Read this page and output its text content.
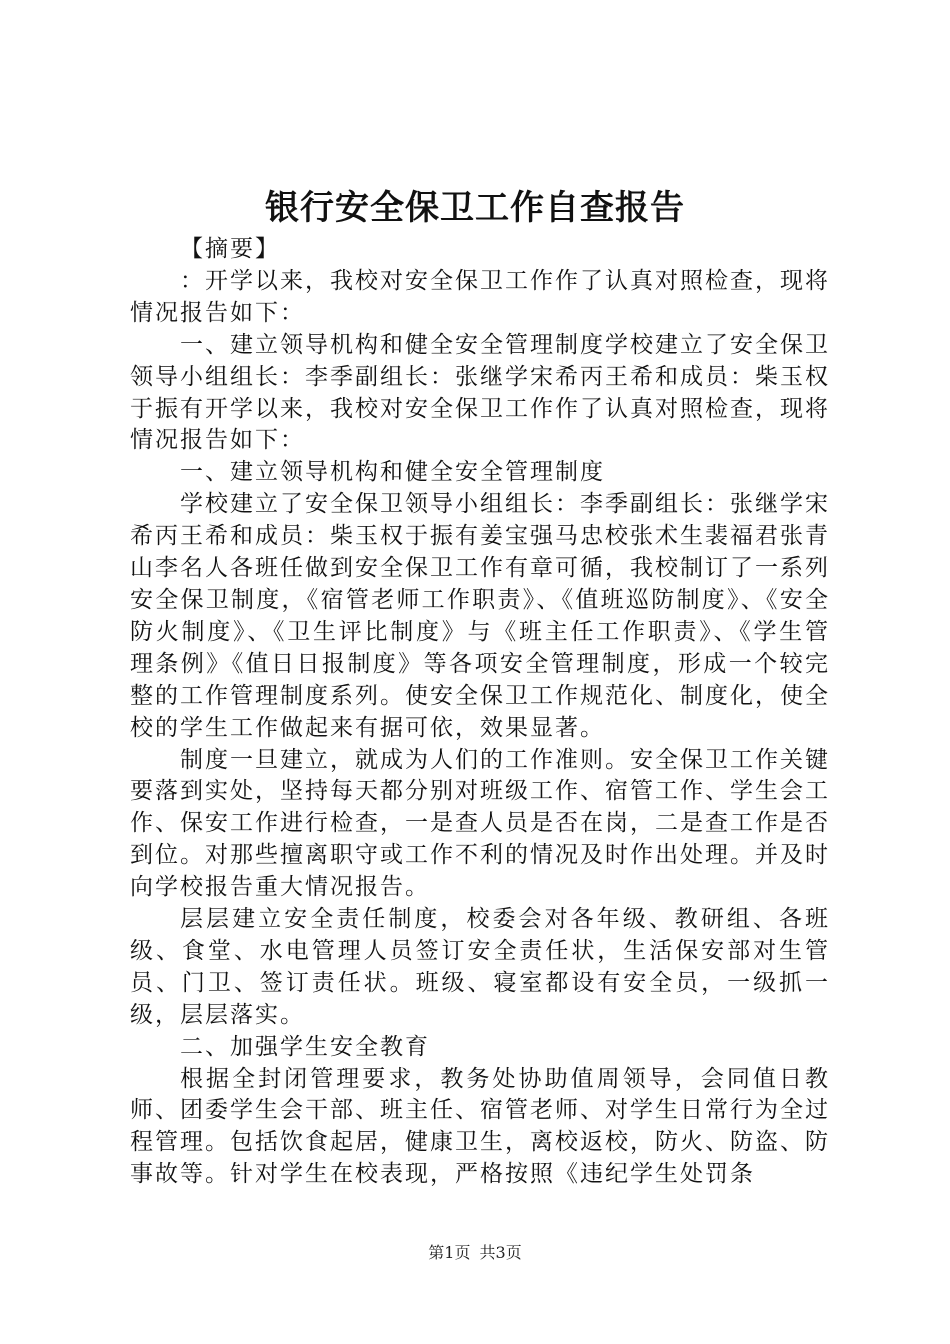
银行安全保卫工作自查报告

【摘要】

：开学以来，我校对安全保卫工作作了认真对照检查，现将情况报告如下：

一、建立领导机构和健全安全管理制度学校建立了安全保卫领导小组组长：李季副组长：张继学宋希丙王希和成员：柴玉权于振有开学以来，我校对安全保卫工作作了认真对照检查，现将情况报告如下：

一、建立领导机构和健全安全管理制度

学校建立了安全保卫领导小组组长：李季副组长：张继学宋希丙王希和成员：柴玉权于振有姜宝强马忠校张术生裴福君张青山李名人各班任做到安全保卫工作有章可循，我校制订了一系列安全保卫制度，《宿管老师工作职责》、《值班巡防制度》、《安全防火制度》、《卫生评比制度》与《班主任工作职责》、《学生管理条例》《值日日报制度》等各项安全管理制度，形成一个较完整的工作管理制度系列。使安全保卫工作规范化、制度化，使全校的学生工作做起来有据可依，效果显著。

制度一旦建立，就成为人们的工作准则。安全保卫工作关键要落到实处，坚持每天都分别对班级工作、宿管工作、学生会工作、保安工作进行检查，一是查人员是否在岗，二是查工作是否到位。对那些擅离职守或工作不利的情况及时作出处理。并及时向学校报告重大情况报告。

层层建立安全责任制度，校委会对各年级、教研组、各班级、食堂、水电管理人员签订安全责任状，生活保安部对生管员、门卫、签订责任状。班级、寝室都设有安全员，一级抓一级，层层落实。

二、加强学生安全教育

根据全封闭管理要求，教务处协助值周领导，会同值日教师、团委学生会干部、班主任、宿管老师、对学生日常行为全过程管理。包括饮食起居，健康卫生，离校返校，防火、防盗、防事故等。针对学生在校表现，严格按照《违纪学生处罚条

第1页 共3页
